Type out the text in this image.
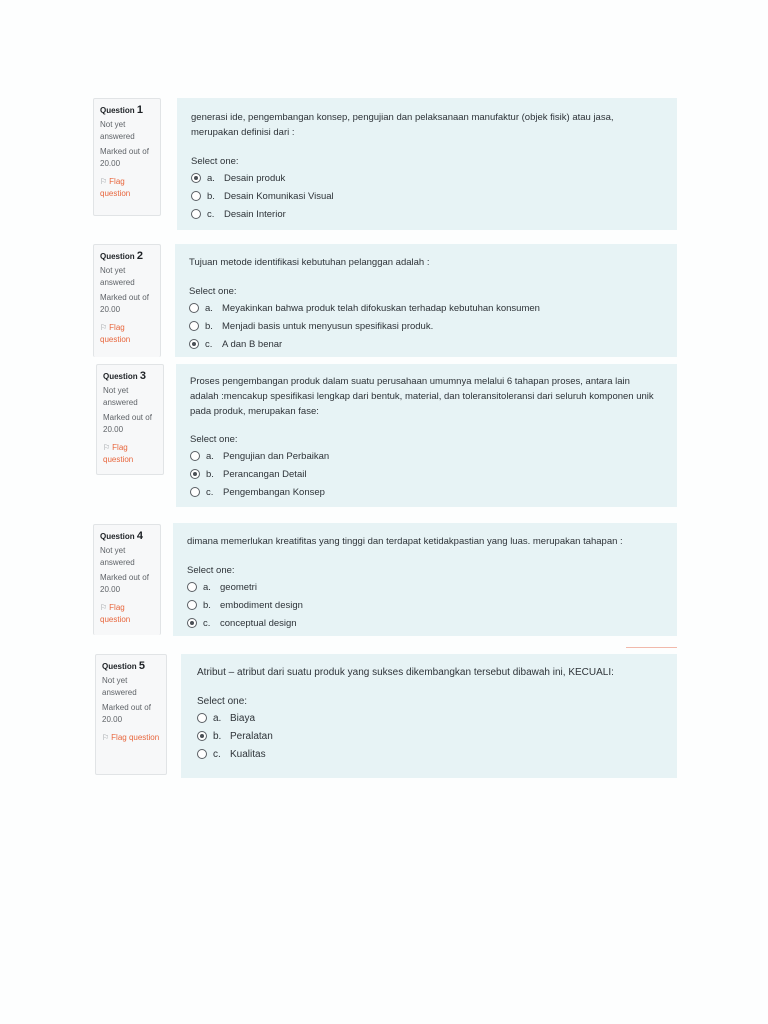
Question 1
Not yet answered
Marked out of 20.00
⚐ Flag question
generasi ide, pengembangan konsep, pengujian dan pelaksanaan manufaktur (objek fisik) atau jasa, merupakan definisi dari :
Select one:
a. Desain produk
b. Desain Komunikasi Visual
c.	Desain Interior
Question 2
Not yet answered
Marked out of 20.00
⚐ Flag question
Tujuan metode identifikasi kebutuhan pelanggan adalah :
Select one:
a. Meyakinkan bahwa produk telah difokuskan terhadap kebutuhan konsumen
b. Menjadi basis untuk menyusun spesifikasi produk.
c.	A dan B benar
Question 3
Not yet answered
Marked out of 20.00
⚐ Flag question
Proses pengembangan produk dalam suatu perusahaan umumnya melalui 6 tahapan proses, antara lain adalah :mencakup spesifikasi lengkap dari bentuk, material, dan toleransitoleransi dari seluruh komponen unik pada produk, merupakan fase:
Select one:
a. Pengujian dan Perbaikan
b. Perancangan Detail
c.	Pengembangan Konsep
Question 4
Not yet answered
Marked out of 20.00
⚐ Flag question
dimana memerlukan kreatifitas yang tinggi dan terdapat ketidakpastian yang luas. merupakan tahapan :
Select one:
a. geometri
b. embodiment design
c.	conceptual design
Question 5
Not yet answered
Marked out of 20.00
⚐ Flag question
Atribut – atribut dari suatu produk yang sukses dikembangkan tersebut dibawah ini, KECUALI:
Select one:
a. Biaya
b. Peralatan
c. Kualitas
